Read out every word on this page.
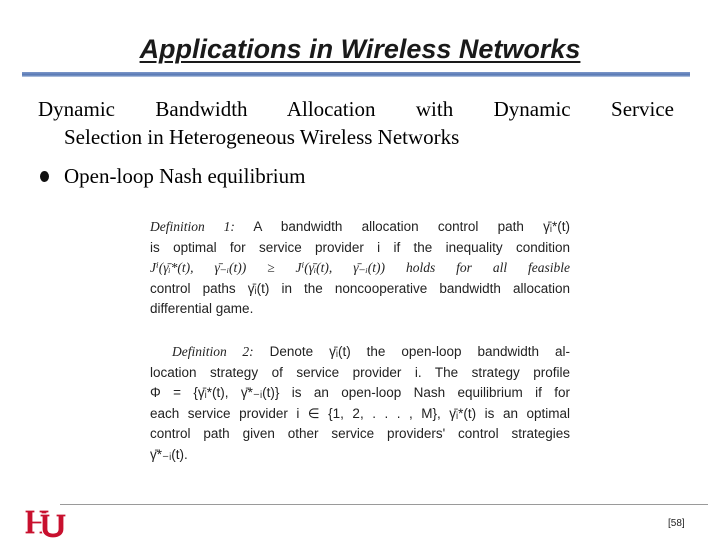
Applications in Wireless Networks
Dynamic Bandwidth Allocation with Dynamic Service
Selection in Heterogeneous Wireless Networks
Open-loop Nash equilibrium

Definition 1: A bandwidth allocation control path γ̄ᵢ*(t)

is optimal for service provider i if the inequality condition

Jⁱ(γ̄ᵢ*(t), γ̄₋ᵢ(t)) ≥ Jⁱ(γ̄ᵢ(t), γ̄₋ᵢ(t)) holds for all feasible

control paths γ̄ᵢ(t) in the noncooperative bandwidth allocation

differential game.

Definition 2: Denote γ̄ᵢ(t) the open-loop bandwidth al-

location strategy of service provider i. The strategy profile

Φ = {γ̄ᵢ*(t), γ̄*₋ᵢ(t)} is an open-loop Nash equilibrium if for

each service provider i ∈ {1, 2, . . . , M}, γ̄ᵢ*(t) is an optimal

control path given other service providers' control strategies

γ̄*₋ᵢ(t).

[58]
